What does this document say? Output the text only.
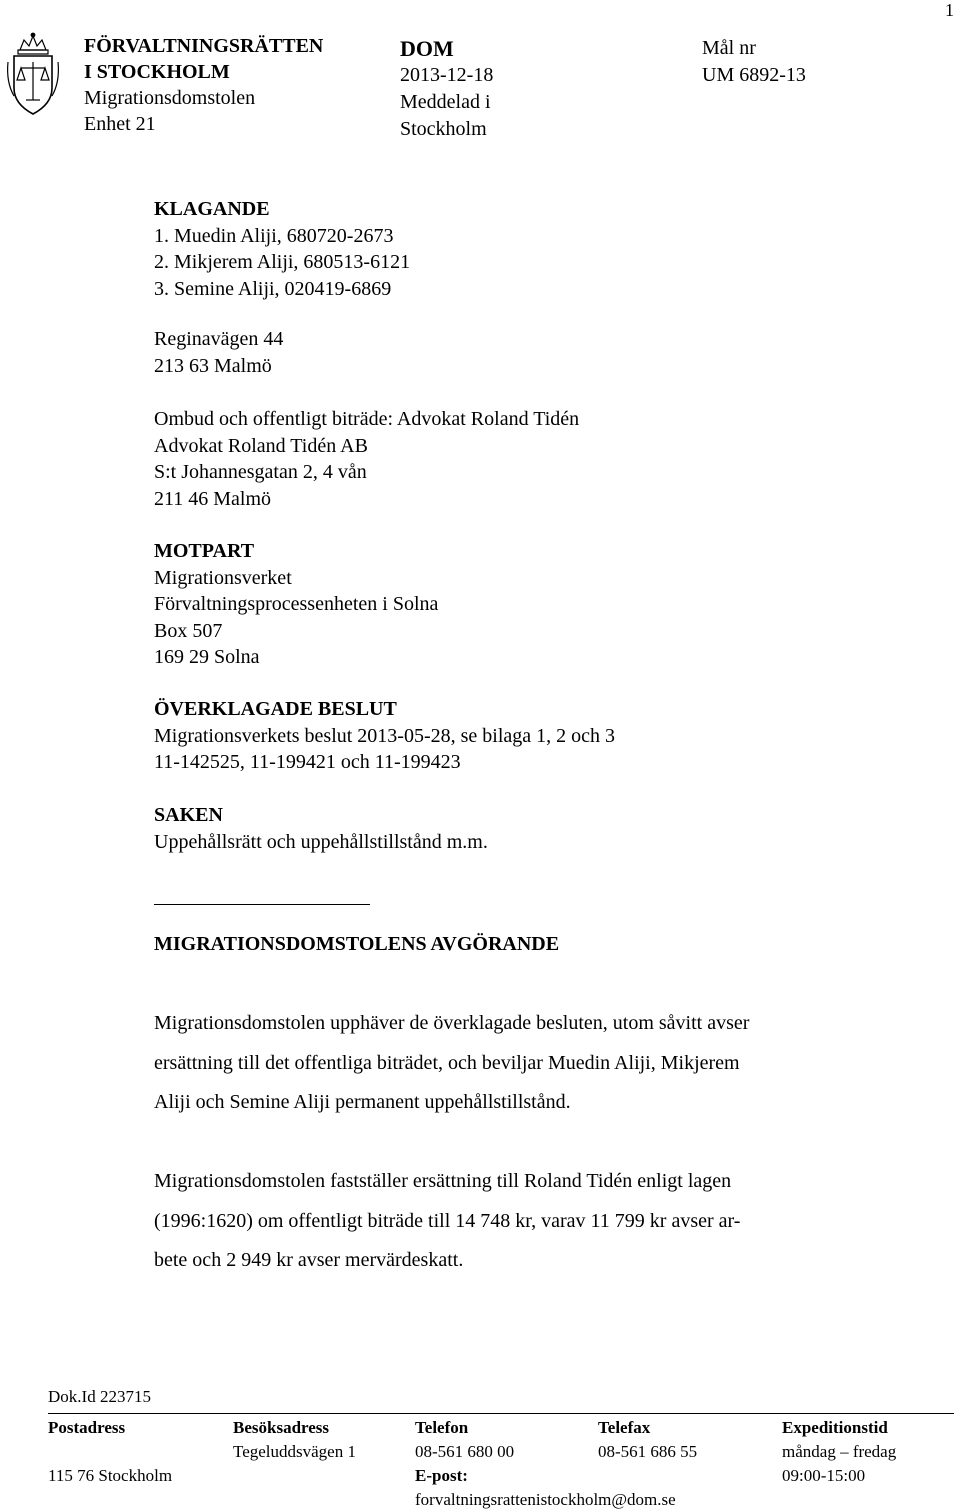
1
FÖRVALTNINGSRÄTTEN
I STOCKHOLM
Migrationsdomstolen
Enhet 21
DOM
2013-12-18
Meddelad i
Stockholm
Mål nr
UM 6892-13
KLAGANDE
1. Muedin Aliji, 680720-2673
2. Mikjerem Aliji, 680513-6121
3. Semine Aliji, 020419-6869
Reginavägen 44
213 63 Malmö
Ombud och offentligt biträde: Advokat Roland Tidén
Advokat Roland Tidén AB
S:t Johannesgatan 2, 4 vån
211 46 Malmö
MOTPART
Migrationsverket
Förvaltningsprocessenheten i Solna
Box 507
169 29 Solna
ÖVERKLAGADE BESLUT
Migrationsverkets beslut 2013-05-28, se bilaga 1, 2 och 3
11-142525, 11-199421 och 11-199423
SAKEN
Uppehållsrätt och uppehållstillstånd m.m.
MIGRATIONSDOMSTOLENS AVGÖRANDE
Migrationsdomstolen upphäver de överklagade besluten, utom såvitt avser
ersättning till det offentliga biträdet, och beviljar Muedin Aliji, Mikjerem
Aliji och Semine Aliji permanent uppehållstillstånd.
Migrationsdomstolen fastställer ersättning till Roland Tidén enligt lagen
(1996:1620) om offentligt biträde till 14 748 kr, varav 11 799 kr avser ar-
bete och 2 949 kr avser mervärdeskatt.
Dok.Id 223715
Postadress
115 76 Stockholm
Besöksadress
Tegeluddsvägen 1
Telefon
08-561 680 00
E-post:
forvaltningsrattenistockholm@dom.se
Telefax
08-561 686 55
Expeditionstid
måndag – fredag
09:00-15:00
